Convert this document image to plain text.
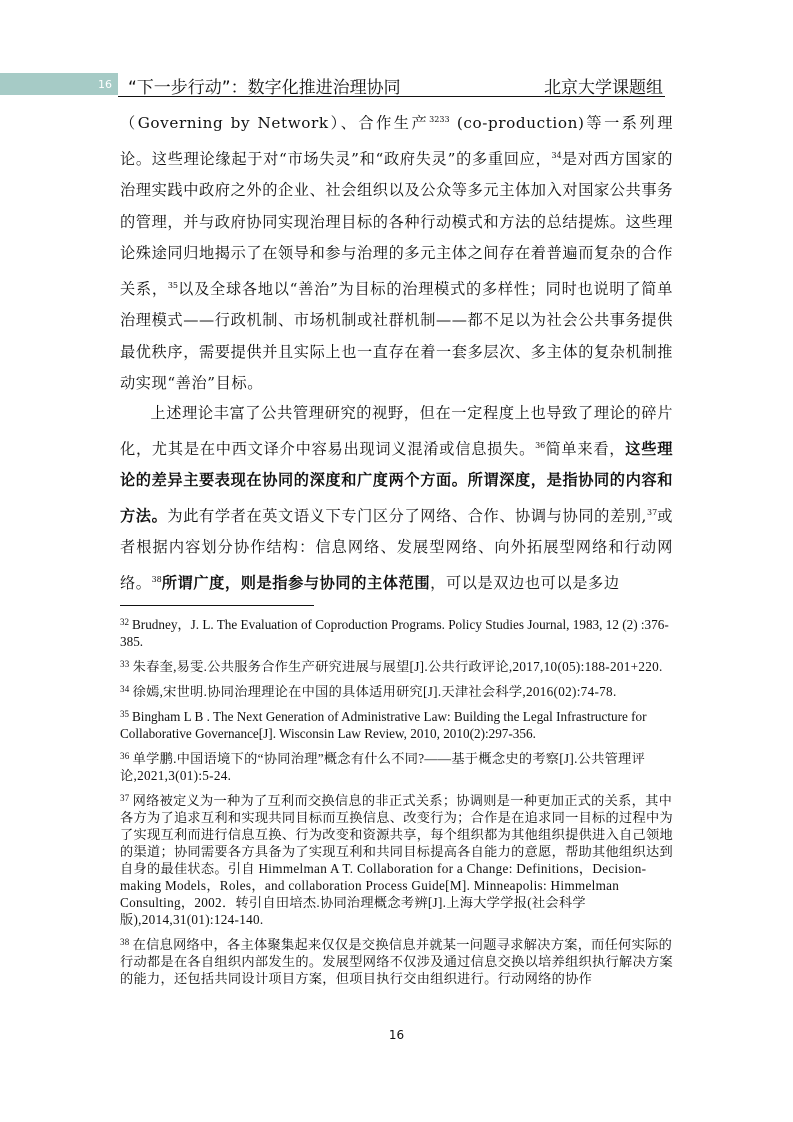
16 “下一步行动”：数字化推进治理协同	北京大学课题组
（Governing by Network）、合作生产$^{3233}$ (co-production)等一系列理论。这些理论缘起于对“市场失灵”和“政府失灵”的多重回应，$^{34}$是对西方国家的治理实践中政府之外的企业、社会组织以及公众等多元主体加入对国家公共事务的管理，并与政府协同实现治理目标的各种行动模式和方法的总结提炼。这些理论殊途同归地揭示了在领导和参与治理的多元主体之间存在着普遍而复杂的合作关系，$^{35}$以及全球各地以“善治”为目标的治理模式的多样性；同时也说明了简单治理模式——行政机制、市场机制或社群机制——都不足以为社会公共事务提供最优秩序，需要提供并且实际上也一直存在着一套多层次、多主体的复杂机制推动实现“善治”目标。
上述理论丰富了公共管理研究的视野，但在一定程度上也导致了理论的碎片化，尤其是在中西文译介中容易出现词义混淆或信息损失。$^{36}$简单来看，这些理论的差异主要表现在协同的深度和广度两个方面。所谓深度，是指协同的内容和方法。为此有学者在英文语义下专门区分了网络、合作、协调与协同的差别,$^{37}$或者根据内容划分协作结构：信息网络、发展型网络、向外拓展型网络和行动网络。$^{38}$所谓广度，则是指参与协同的主体范围，可以是双边也可以是多边
$^{32}$ Brudney，J. L. The Evaluation of Coproduction Programs. Policy Studies Journal, 1983, 12 (2) :376-385.
$^{33}$ 朱春奎,易雯.公共服务合作生产研究进展与展望[J].公共行政评论,2017,10(05):188-201+220.
$^{34}$ 徐嫣,宋世明.协同治理理论在中国的具体适用研究[J].天津社会科学,2016(02):74-78.
$^{35}$ Bingham L B . The Next Generation of Administrative Law: Building the Legal Infrastructure for Collaborative Governance[J]. Wisconsin Law Review, 2010, 2010(2):297-356.
$^{36}$ 单学鹏.中国语境下的“协同治理”概念有什么不同?——基于概念史的考察[J].公共管理评论,2021,3(01):5-24.
$^{37}$ 网络被定义为一种为了互利而交换信息的非正式关系；协调则是一种更加正式的关系，其中各方为了追求互利和实现共同目标而互换信息、改变行为；合作是在追求同一目标的过程中为了实现互利而进行信息互换、行为改变和资源共享，每个组织都为其他组织提供进入自己领地的渠道；协同需要各方具备为了实现互利和共同目标提高各自能力的意愿，帮助其他组织达到自身的最佳状态。引自 Himmelman A T. Collaboration for a Change: Definitions，Decision-making Models，Roles，and collaboration Process Guide[M]. Minneapolis: Himmelman Consulting，2002．转引自田培杰.协同治理概念考辨[J].上海大学学报(社会科学版),2014,31(01):124-140.
$^{38}$ 在信息网络中，各主体聚集起来仅仅是交换信息并就某一问题寻求解决方案，而任何实际的行动都是在各自组织内部发生的。发展型网络不仅涉及通过信息交换以培养组织执行解决方案的能力，还包括共同设计项目方案，但项目执行交由组织进行。行动网络的协作
16
